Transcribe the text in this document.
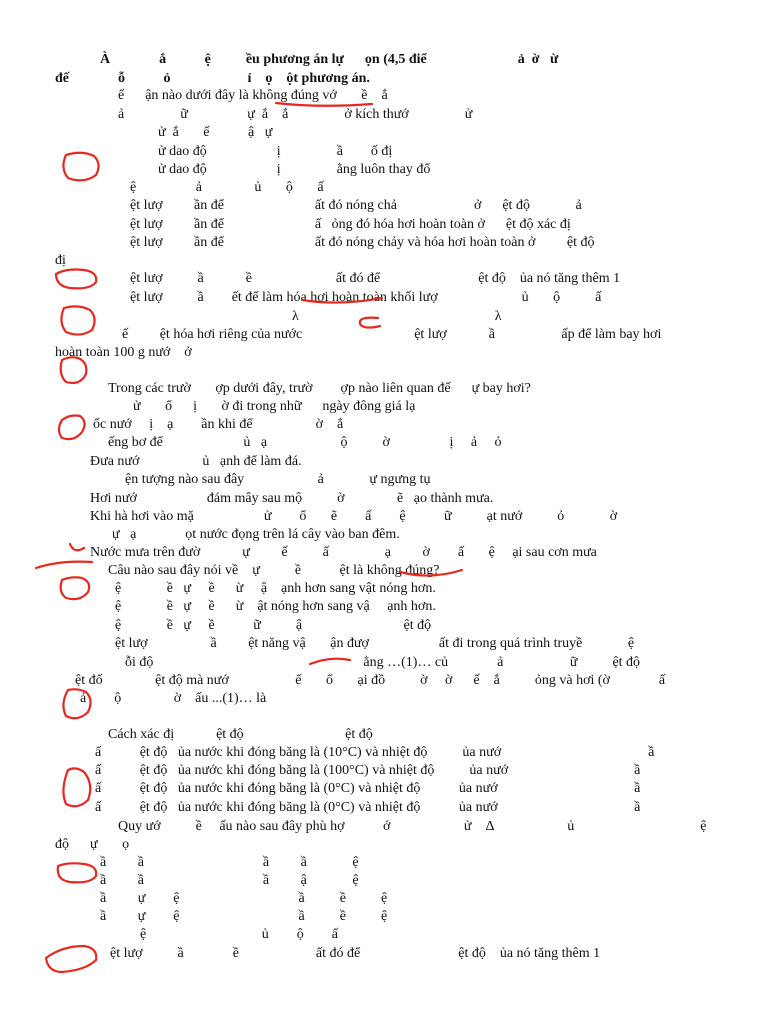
À              ắ           ệ          ều phương án lự      ọn (4,5 điể                          ả  ờ   ừ
đế              ỗ           ỏ                      ỉ    ọ    ột phương án.
ế      ận nào dưới đây là không đúng vớ       ề    ắ
ả                ữ                 ự  ắ    ắ                ở kích thướ                ử
ử  ắ       ế           ậ   ự
ử dao độ                    ị                ầ        ố đị
ử dao độ                    ị                ằng luôn thay đổ
ệ                 ả               ủ       ộ       ấ
ệt lượ         ần để                          ất đó nóng chả                      ở      ệt độ             ả
ệt lượ         ần để                          ấ   ỏng đó hóa hơi hoàn toàn ở      ệt độ xác đị
ệt lượ         ần để                          ất đó nóng chảy và hóa hơi hoàn toàn ở         ệt độ
đị
ệt lượ          ầ            ề                        ất đó để                            ệt độ    ủa nó tăng thêm 1
ệt lượ          ầ        ết để làm hóa hơi hoàn toàn khối lượ                        ủ       ộ          ấ
λ                                                        λ
ế         ệt hóa hơi riêng của nước                                ệt lượ            ầ                   ấp để làm bay hơi
hoàn toàn 100 g nướ    ở
Trong các trườ       ợp dưới đây, trườ        ợp nào liên quan đế      ự bay hơi?
ử       ổ      ị       ờ đi trong nhữ      ngày đông giá lạ
ốc nướ     ị    ạ        ần khi để                  ờ    ắ
ếng bơ để                       ủ   ạ                     ộ          ờ                 ị     ả     ỏ
Đưa nướ                  ủ   ạnh để làm đá.
ện tượng nào sau đây                     ả             ự ngưng tụ
Hơi nướ                    đám mây sau mộ          ờ               ẽ   ạo thành mưa.
Khi hà hơi vào mặ                    ử        ổ       ẽ        ấ        ệ           ữ          ạt nướ          ỏ             ờ
ự   ạ              ọt nước đọng trên lá cây vào ban đêm.
Nước mưa trên đườ            ự         ế          ấ                ạ         ờ        ấ       ệ     ại sau cơn mưa
Câu nào sau đây nói về    ự          ề           ệt là không đúng?
ệ             ề   ự     ề      ừ     ậ    ạnh hơn sang vật nóng hơn.
ệ             ề   ự     ề      ừ    ật nóng hơn sang vậ     ạnh hơn.
ệ             ề   ự     ề           ữ          ậ                             ệt độ
ệt lượ                  ầ         ệt năng vậ       ận đượ                    ất đi trong quá trình truyề             ệ
ỗi độ                                                            ằng …(1)… củ              ả                   ữ          ệt độ
ệt đố               ệt độ mà nướ                   ế       ổ       ại đồ          ờ     ờ      ế    ắ          ỏng và hơi (ờ              ấ
ả        ộ               ờ    ấu ...(1)… là
Cách xác đị            ệt độ                             ệt độ
ấ           ệt độ   ủa nước khi đóng băng là (10°C) và nhiệt độ          ủa nướ                                          ầ
ấ           ệt độ   ủa nước khi đóng băng là (100°C) và nhiệt độ          ủa nướ                                    ầ
ấ           ệt độ   ủa nước khi đóng băng là (0°C) và nhiệt độ           ủa nướ                                       ầ
ấ           ệt độ   ủa nước khi đóng băng là (0°C) và nhiệt độ           ủa nướ                                       ầ
Quy ướ          ề     ấu nào sau đây phù hợ           ớ                     ử    Δ                     ủ                                    ệ
độ      ự       ọ
ầ         ầ                                  ầ         ầ             ệ
ầ         ầ                                  ầ         ậ             ệ
ầ         ự        ệ                                  ầ          ề          ệ
ầ         ự        ệ                                  ầ          ề          ệ
ệ                                 ủ        ộ        ấ
ệt lượ          ầ              ề                      ất đó để                            ệt độ    ủa nó tăng thêm 1
